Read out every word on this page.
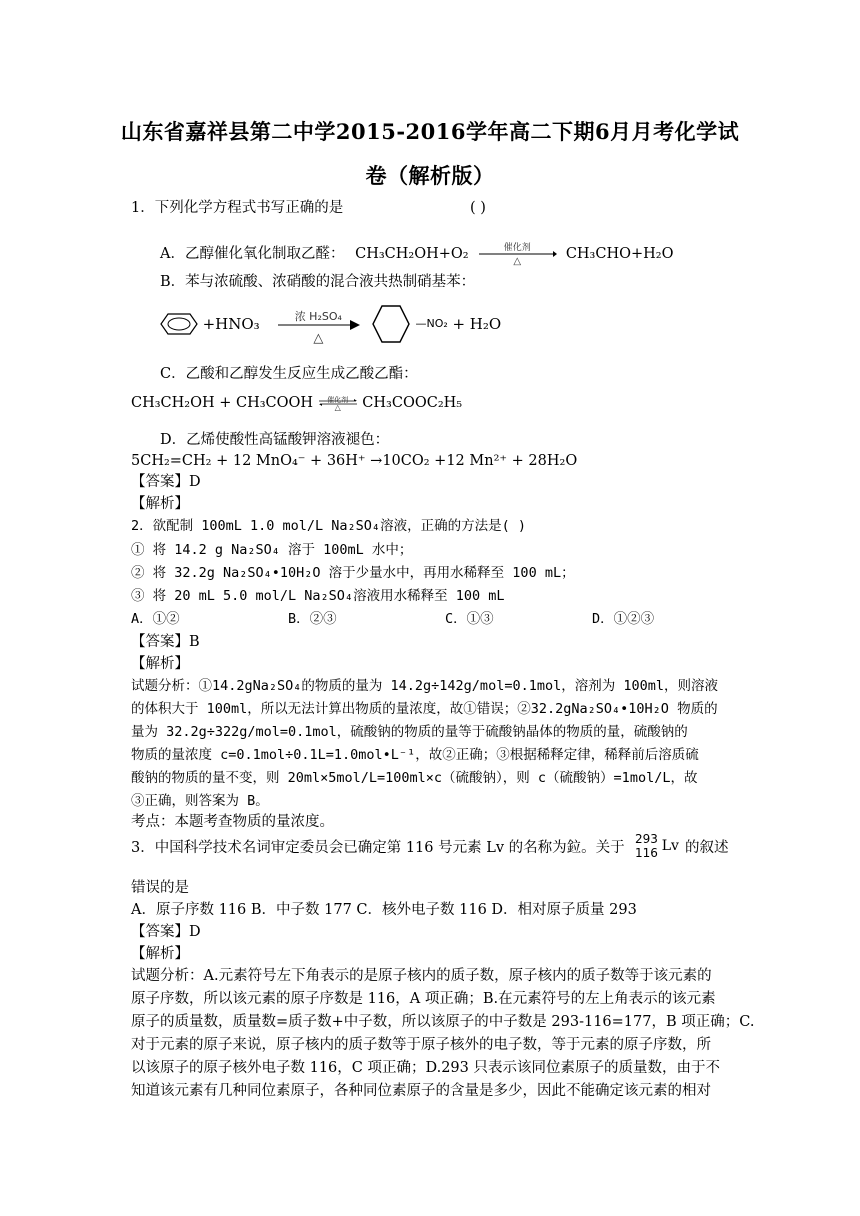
山东省嘉祥县第二中学2015-2016学年高二下期6月月考化学试
卷（解析版）
1．下列化学方程式书写正确的是	( )
A．乙醇催化氧化制取乙醛： CH₃CH₂OH+O₂	催化剂
△	CH₃CHO+H₂O
B．苯与浓硫酸、浓硝酸的混合液共热制硝基苯：
+HNO₃	浓 H₂SO₄
△
—NO₂ + H₂O
C．乙酸和乙醇发生反应生成乙酸乙酯：
CH₃CH₂OH + CH₃COOH	催化剂
△	CH₃COOC₂H₅
D．乙烯使酸性高锰酸钾溶液褪色：
5CH₂=CH₂ + 12 MnO₄⁻ + 36H⁺ →10CO₂ +12 Mn²⁺ + 28H₂O
【答案】D
【解析】
2．欲配制 100mL 1.0 mol/L Na₂SO₄溶液，正确的方法是( )
① 将 14.2 g Na₂SO₄ 溶于 100mL 水中；
② 将 32.2g Na₂SO₄•10H₂O 溶于少量水中，再用水稀释至 100 mL；
③ 将 20 mL 5.0 mol/L Na₂SO₄溶液用水稀释至 100 mL
A．①②	B．②③	C．①③	D．①②③
【答案】B
【解析】
试题分析：①14.2gNa₂SO₄的物质的量为 14.2g÷142g/mol=0.1mol，溶剂为 100ml，则溶液
的体积大于 100ml，所以无法计算出物质的量浓度，故①错误；②32.2gNa₂SO₄•10H₂O 物质的
量为 32.2g÷322g/mol=0.1mol，硫酸钠的物质的量等于硫酸钠晶体的物质的量，硫酸钠的
物质的量浓度 c=0.1mol÷0.1L=1.0mol•L⁻¹，故②正确；③根据稀释定律，稀释前后溶质硫
酸钠的物质的量不变，则 20ml×5mol/L=100ml×c（硫酸钠），则 c（硫酸钠）=1mol/L，故
③正确，则答案为 B。
考点：本题考查物质的量浓度。
3．中国科学技术名词审定委员会已确定第 116 号元素 Lv 的名称为鉝。关于
293
116 Lv 的叙述
错误的是
A．原子序数 116 B．中子数 177 C．核外电子数 116 D．相对原子质量 293
【答案】D
【解析】
试题分析：A.元素符号左下角表示的是原子核内的质子数，原子核内的质子数等于该元素的
原子序数，所以该元素的原子序数是 116，A 项正确；B.在元素符号的左上角表示的该元素
原子的质量数，质量数=质子数+中子数，所以该原子的中子数是 293-116=177，B 项正确；C.
对于元素的原子来说，原子核内的质子数等于原子核外的电子数，等于元素的原子序数，所
以该原子的原子核外电子数 116，C 项正确；D.293 只表示该同位素原子的质量数，由于不
知道该元素有几种同位素原子，各种同位素原子的含量是多少，因此不能确定该元素的相对
